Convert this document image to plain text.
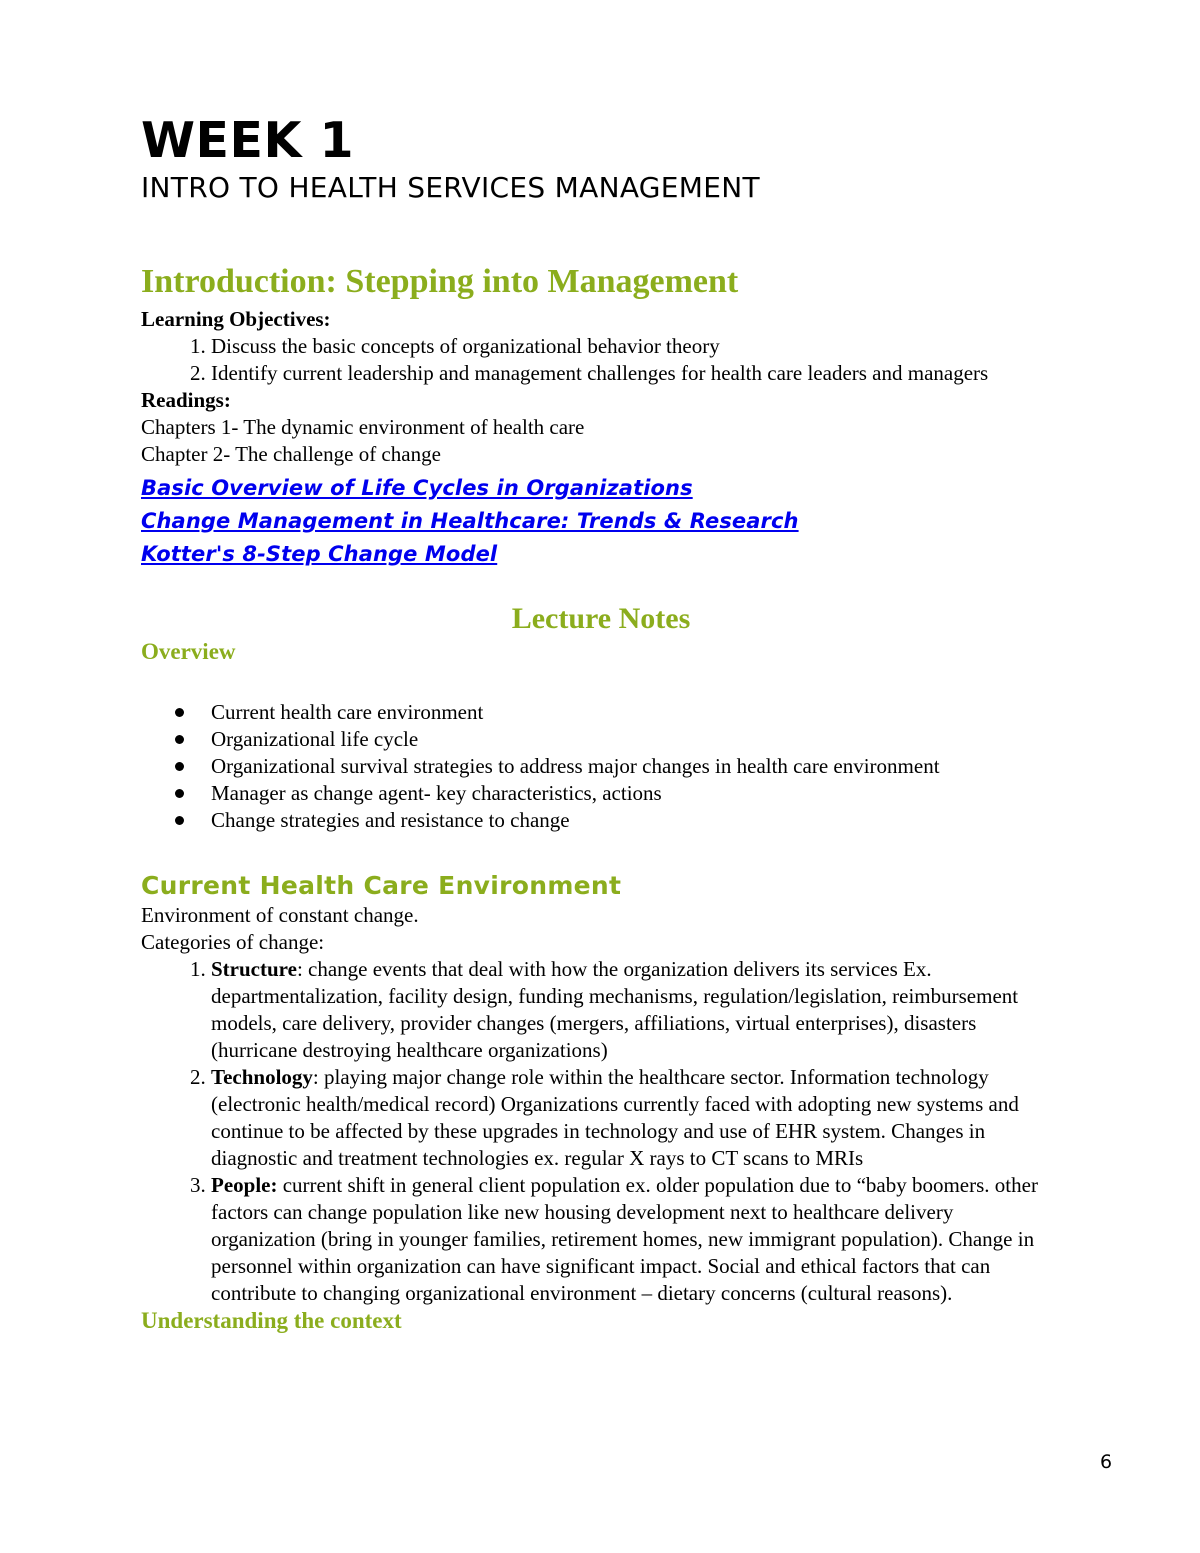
WEEK 1
INTRO TO HEALTH SERVICES MANAGEMENT
Introduction: Stepping into Management
Learning Objectives:
1. Discuss the basic concepts of organizational behavior theory
2. Identify current leadership and management challenges for health care leaders and managers
Readings:
Chapters 1- The dynamic environment of health care
Chapter 2- The challenge of change
Basic Overview of Life Cycles in Organizations
Change Management in Healthcare: Trends & Research
Kotter's 8-Step Change Model
Lecture Notes
Overview
Current health care environment
Organizational life cycle
Organizational survival strategies to address major changes in health care environment
Manager as change agent- key characteristics, actions
Change strategies and resistance to change
Current Health Care Environment
Environment of constant change.
Categories of change:
1. Structure: change events that deal with how the organization delivers its services Ex. departmentalization, facility design, funding mechanisms, regulation/legislation, reimbursement models, care delivery, provider changes (mergers, affiliations, virtual enterprises), disasters (hurricane destroying healthcare organizations)
2. Technology: playing major change role within the healthcare sector. Information technology (electronic health/medical record) Organizations currently faced with adopting new systems and continue to be affected by these upgrades in technology and use of EHR system. Changes in diagnostic and treatment technologies ex. regular X rays to CT scans to MRIs
3. People: current shift in general client population ex. older population due to “baby boomers. other factors can change population like new housing development next to healthcare delivery organization (bring in younger families, retirement homes, new immigrant population). Change in personnel within organization can have significant impact. Social and ethical factors that can contribute to changing organizational environment – dietary concerns (cultural reasons).
Understanding the context
6
